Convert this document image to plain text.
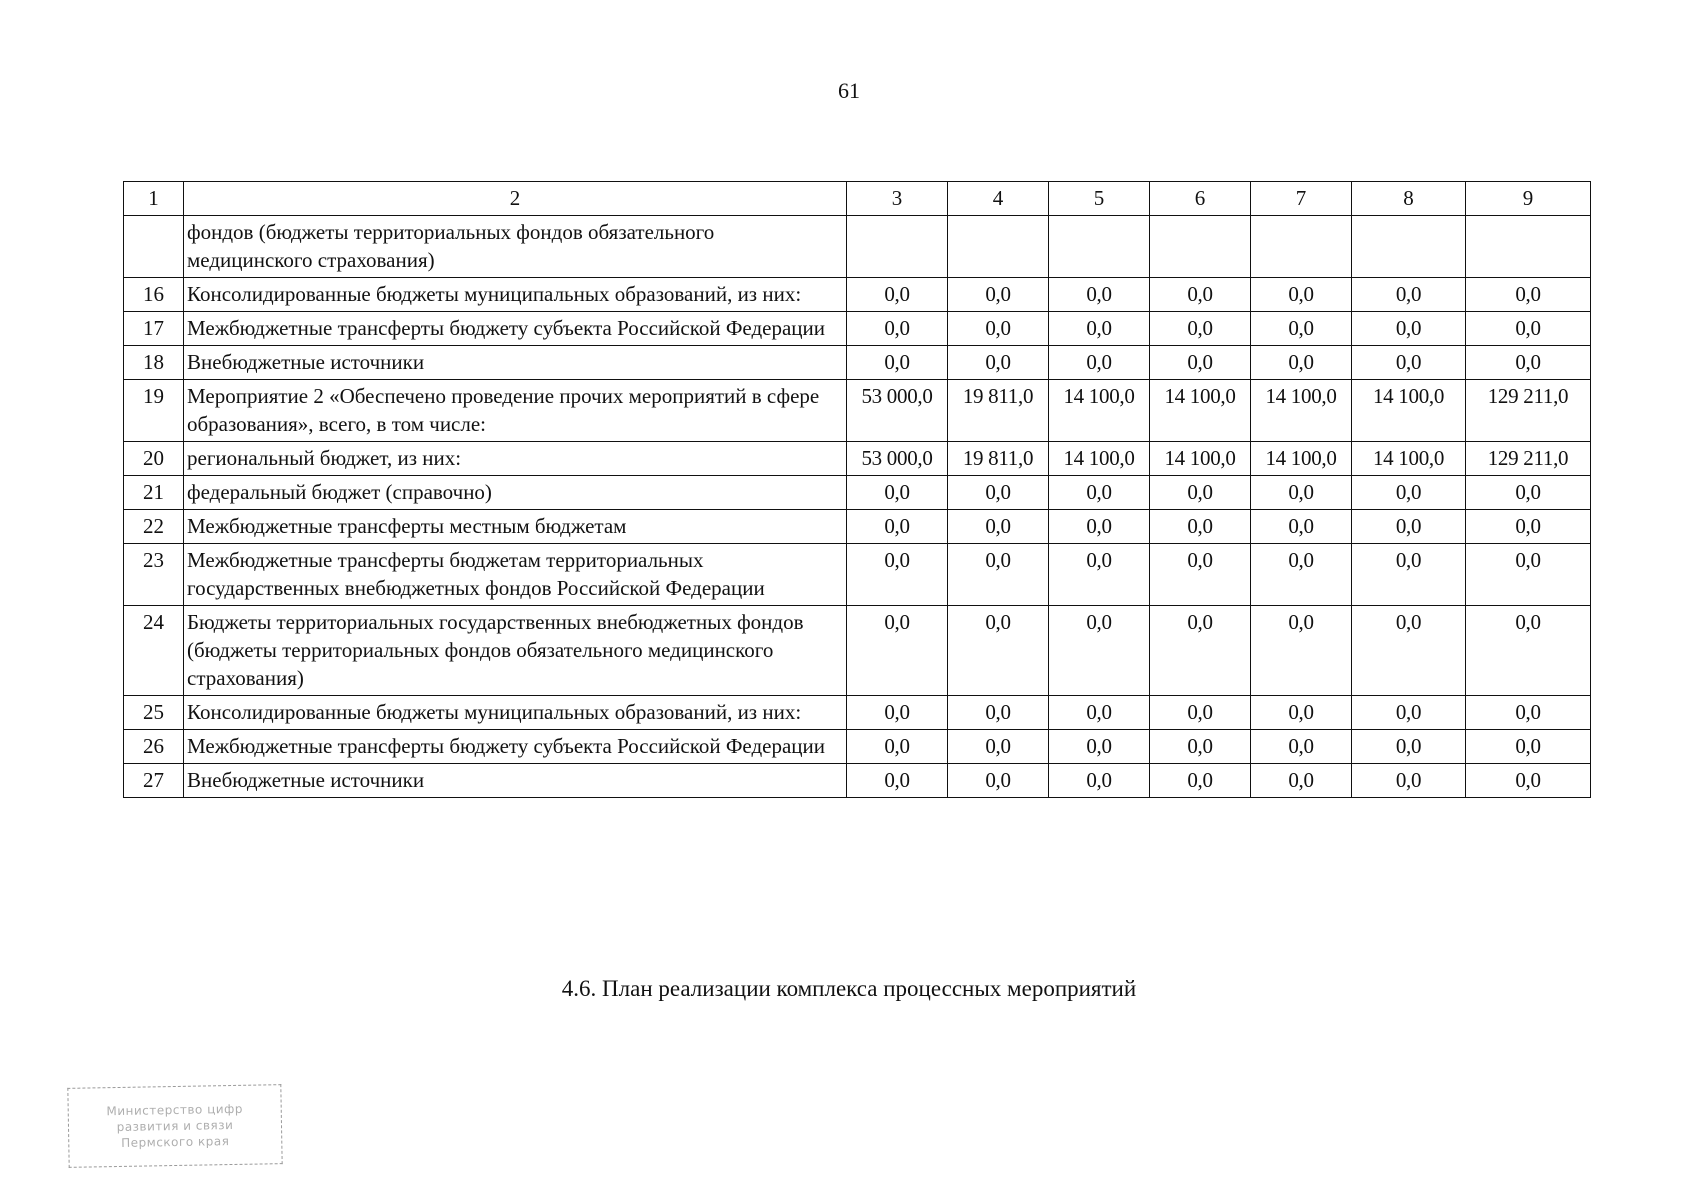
61
1	2	3	4	5	6	7	8	9
	фондов (бюджеты территориальных фондов обязательного медицинского страхования)							
16	Консолидированные бюджеты муниципальных образований, из них:	0,0	0,0	0,0	0,0	0,0	0,0	0,0
17	Межбюджетные трансферты бюджету субъекта Российской Федерации	0,0	0,0	0,0	0,0	0,0	0,0	0,0
18	Внебюджетные источники	0,0	0,0	0,0	0,0	0,0	0,0	0,0
19	Мероприятие 2 «Обеспечено проведение прочих мероприятий в сфере образования», всего, в том числе:	53 000,0	19 811,0	14 100,0	14 100,0	14 100,0	14 100,0	129 211,0
20	региональный бюджет, из них:	53 000,0	19 811,0	14 100,0	14 100,0	14 100,0	14 100,0	129 211,0
21	федеральный бюджет (справочно)	0,0	0,0	0,0	0,0	0,0	0,0	0,0
22	Межбюджетные трансферты местным бюджетам	0,0	0,0	0,0	0,0	0,0	0,0	0,0
23	Межбюджетные трансферты бюджетам территориальных государственных внебюджетных фондов Российской Федерации	0,0	0,0	0,0	0,0	0,0	0,0	0,0
24	Бюджеты территориальных государственных внебюджетных фондов (бюджеты территориальных фондов обязательного медицинского страхования)	0,0	0,0	0,0	0,0	0,0	0,0	0,0
25	Консолидированные бюджеты муниципальных образований, из них:	0,0	0,0	0,0	0,0	0,0	0,0	0,0
26	Межбюджетные трансферты бюджету субъекта Российской Федерации	0,0	0,0	0,0	0,0	0,0	0,0	0,0
27	Внебюджетные источники	0,0	0,0	0,0	0,0	0,0	0,0	0,0
4.6. План реализации комплекса процессных мероприятий
Министерство цифр
развития и связи
Пермского края
